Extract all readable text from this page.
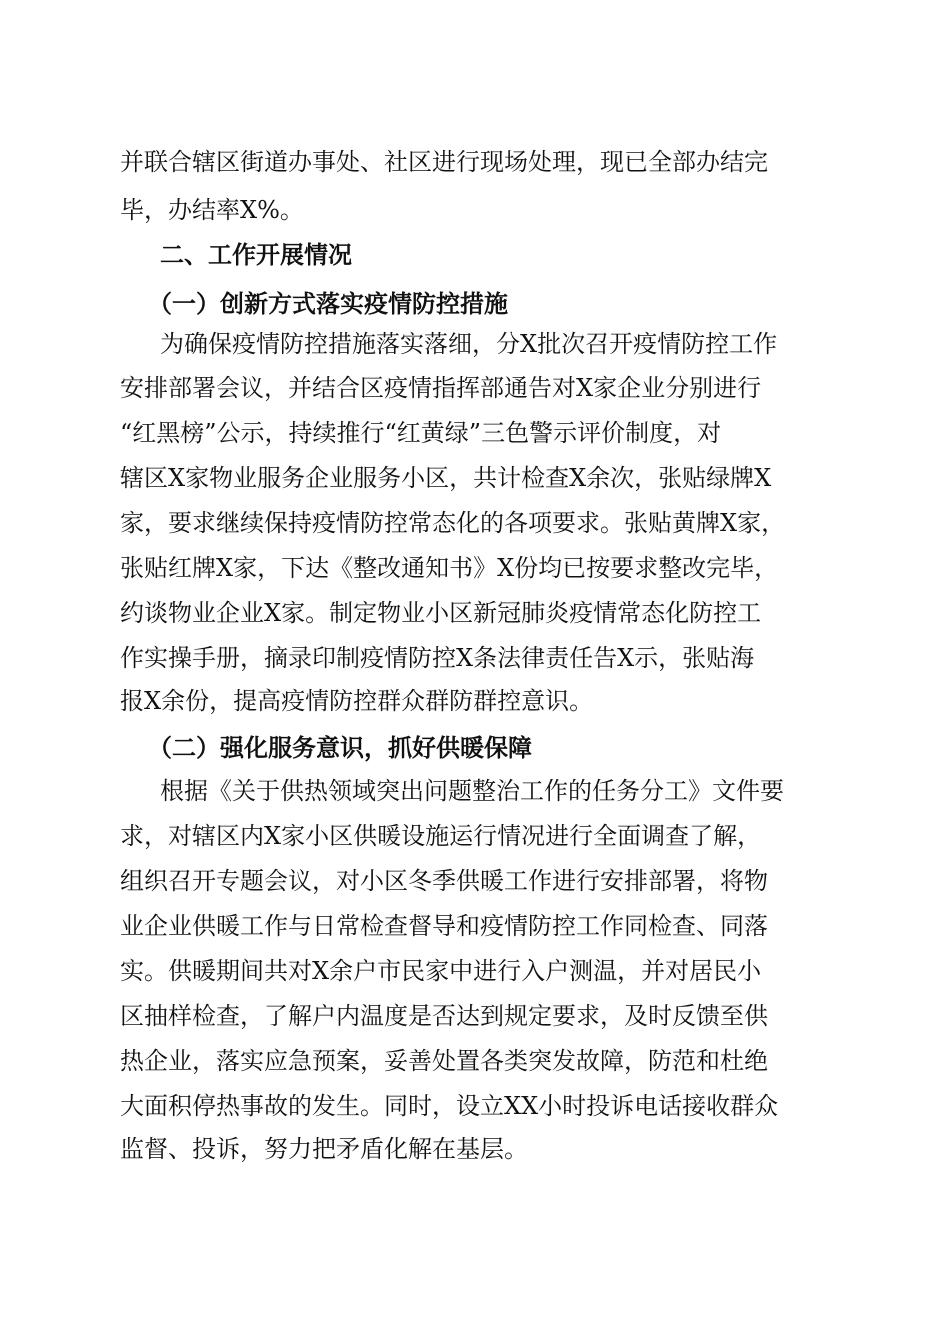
并联合辖区街道办事处、社区进行现场处理，现已全部办结完
毕，办结率X%。
二、工作开展情况
（一）创新方式落实疫情防控措施
为确保疫情防控措施落实落细，分X批次召开疫情防控工作
安排部署会议，并结合区疫情指挥部通告对X家企业分别进行
“红黑榜”公示，持续推行“红黄绿”三色警示评价制度，对
辖区X家物业服务企业服务小区，共计检查X余次，张贴绿牌X
家，要求继续保持疫情防控常态化的各项要求。张贴黄牌X家，
张贴红牌X家，下达《整改通知书》X份均已按要求整改完毕，
约谈物业企业X家。制定物业小区新冠肺炎疫情常态化防控工
作实操手册，摘录印制疫情防控X条法律责任告X示，张贴海
报X余份，提高疫情防控群众群防群控意识。
（二）强化服务意识，抓好供暖保障
根据《关于供热领域突出问题整治工作的任务分工》文件要
求，对辖区内X家小区供暖设施运行情况进行全面调查了解，
组织召开专题会议，对小区冬季供暖工作进行安排部署，将物
业企业供暖工作与日常检查督导和疫情防控工作同检查、同落
实。供暖期间共对X余户市民家中进行入户测温，并对居民小
区抽样检查，了解户内温度是否达到规定要求，及时反馈至供
热企业，落实应急预案，妥善处置各类突发故障，防范和杜绝
大面积停热事故的发生。同时，设立XX小时投诉电话接收群众
监督、投诉，努力把矛盾化解在基层。
